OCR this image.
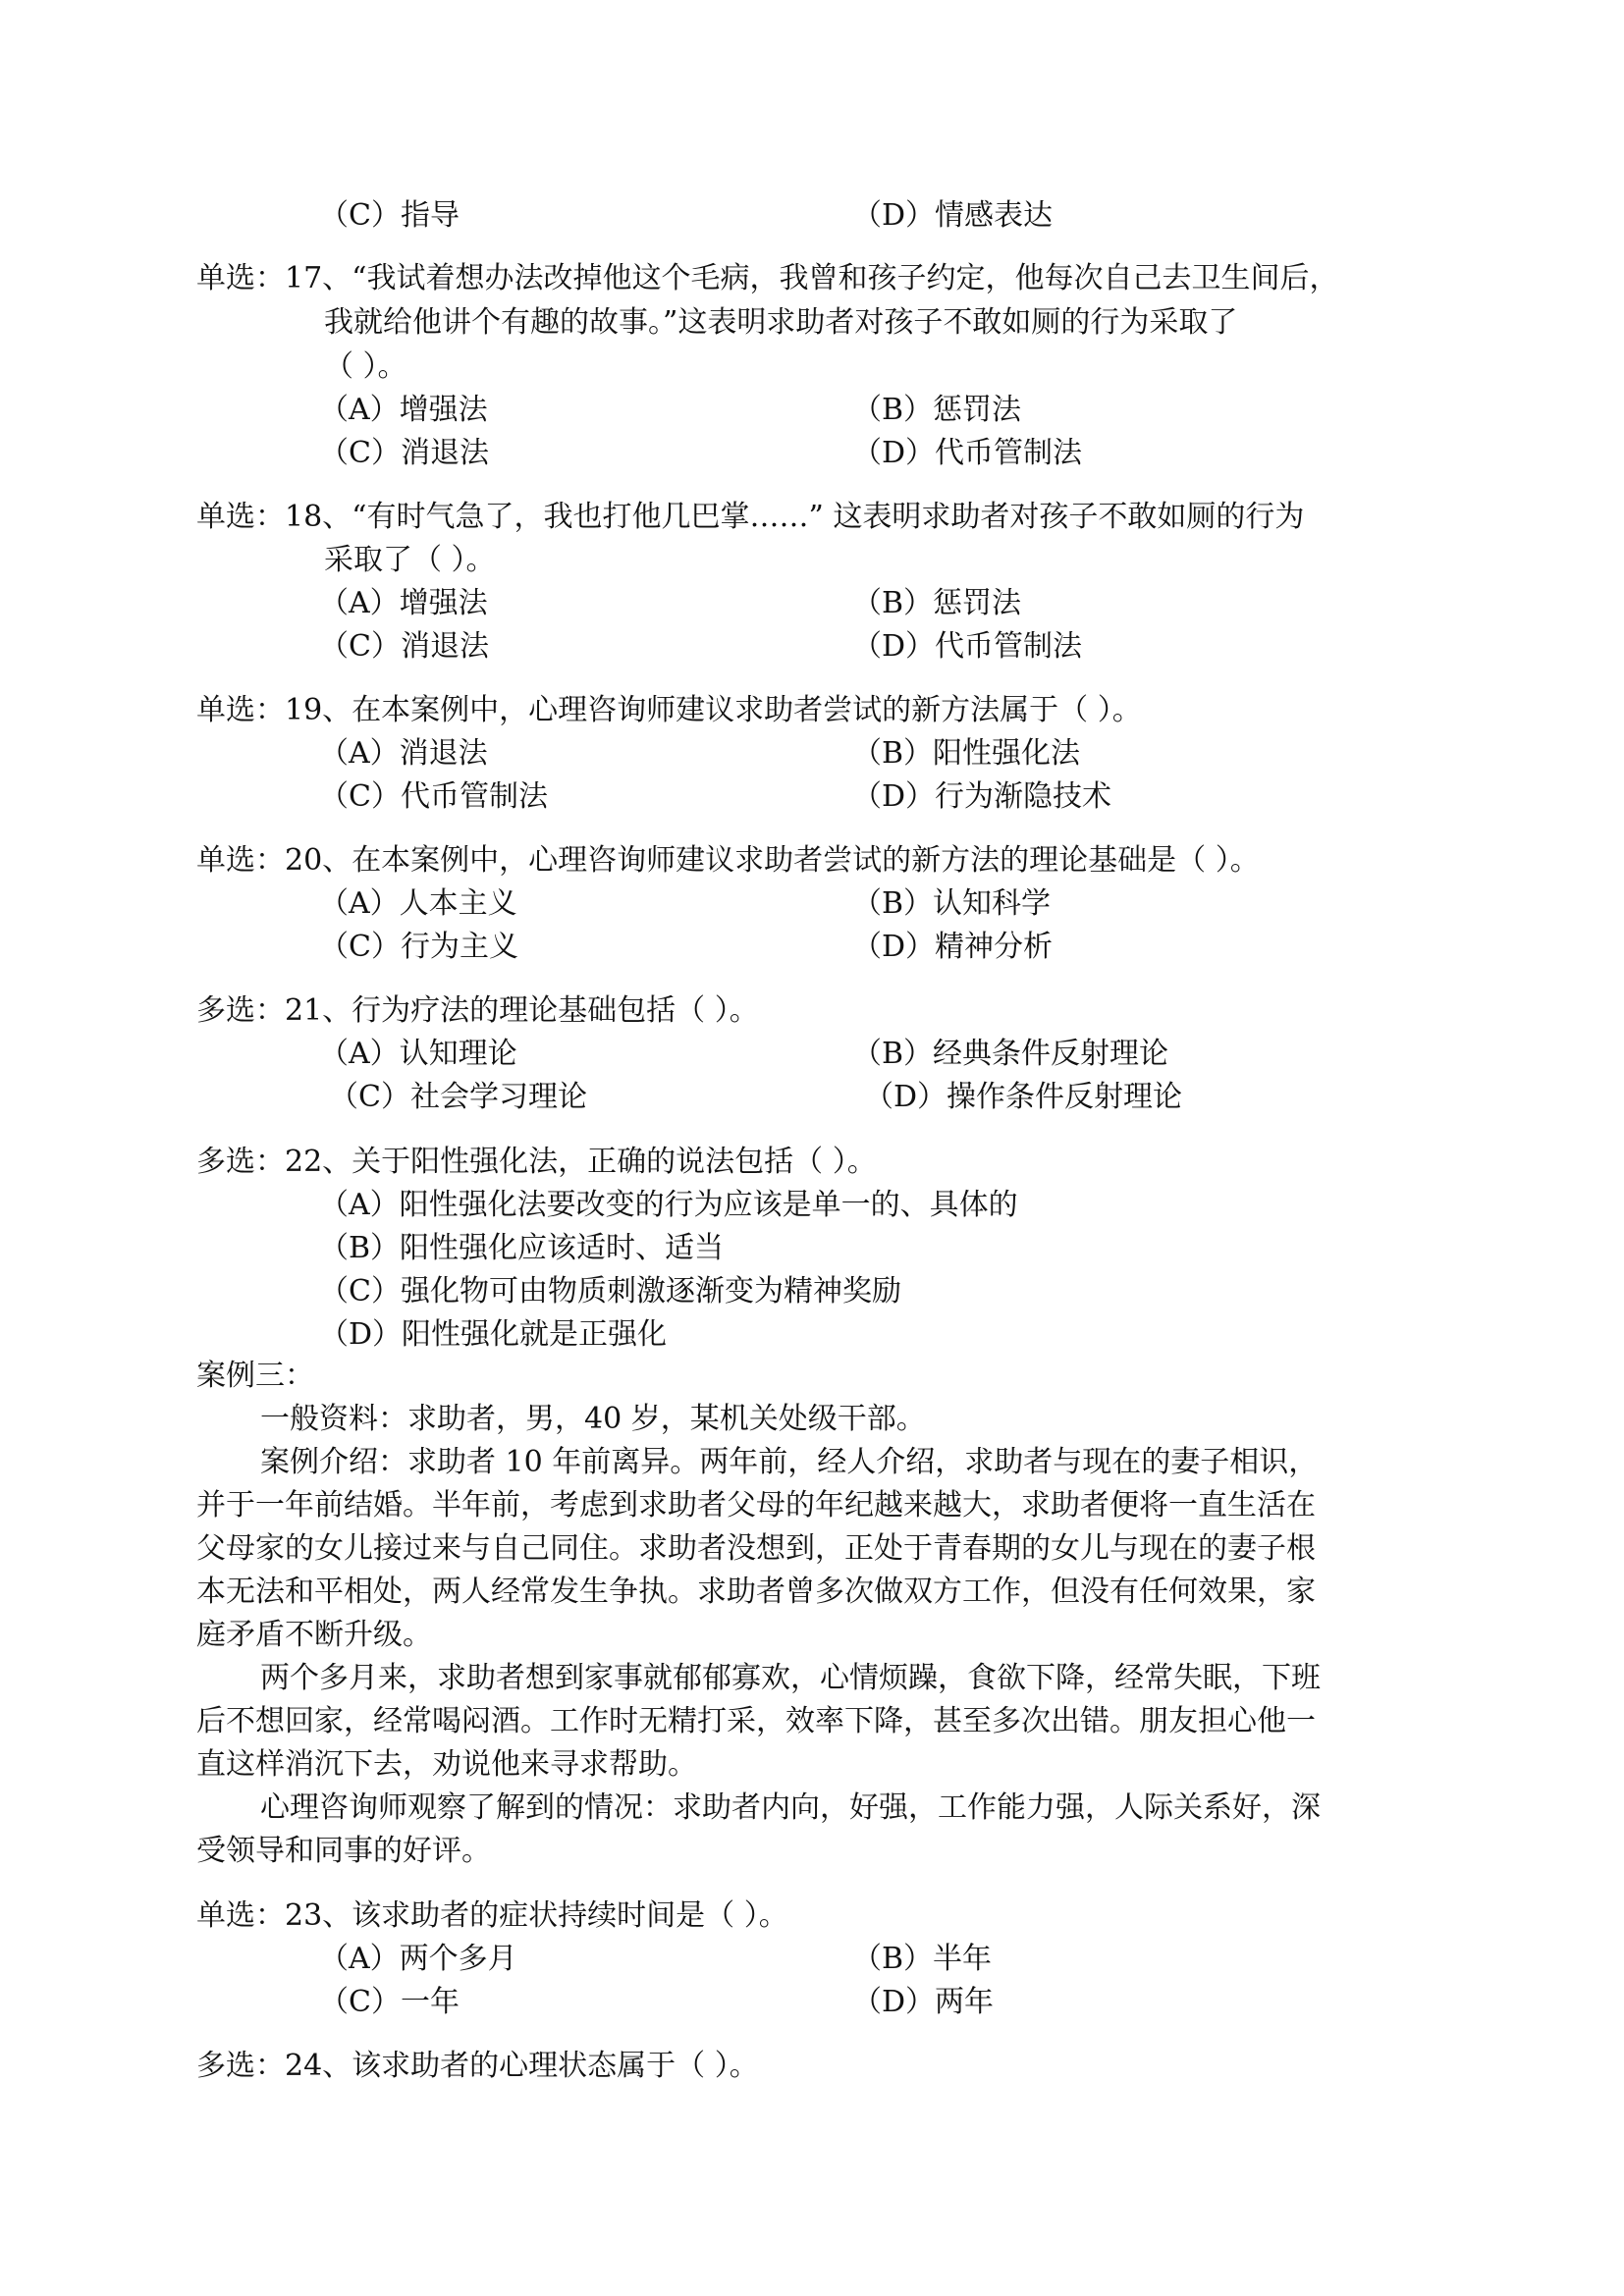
（C）指导	（D）情感表达
单选：17、“我试着想办法改掉他这个毛病，我曾和孩子约定，他每次自己去卫生间后，
我就给他讲个有趣的故事。”这表明求助者对孩子不敢如厕的行为采取了
（ ）。
（A）增强法	（B）惩罚法
（C）消退法	（D）代币管制法
单选：18、“有时气急了，我也打他几巴掌……” 这表明求助者对孩子不敢如厕的行为
采取了（ ）。
（A）增强法	（B）惩罚法
（C）消退法	（D）代币管制法
单选：19、在本案例中，心理咨询师建议求助者尝试的新方法属于（ ）。
（A）消退法	（B）阳性强化法
（C）代币管制法	（D）行为渐隐技术
单选：20、在本案例中，心理咨询师建议求助者尝试的新方法的理论基础是（ ）。
（A）人本主义	（B）认知科学
（C）行为主义	（D）精神分析
多选：21、行为疗法的理论基础包括（ ）。
（A）认知理论	（B）经典条件反射理论
（C）社会学习理论	（D）操作条件反射理论
多选：22、关于阳性强化法，正确的说法包括（ ）。
（A）阳性强化法要改变的行为应该是单一的、具体的
（B）阳性强化应该适时、适当
（C）强化物可由物质刺激逐渐变为精神奖励
（D）阳性强化就是正强化
案例三：
一般资料：求助者，男，40 岁，某机关处级干部。
案例介绍：求助者 10 年前离异。两年前，经人介绍，求助者与现在的妻子相识，
并于一年前结婚。半年前，考虑到求助者父母的年纪越来越大，求助者便将一直生活在
父母家的女儿接过来与自己同住。求助者没想到，正处于青春期的女儿与现在的妻子根
本无法和平相处，两人经常发生争执。求助者曾多次做双方工作，但没有任何效果，家
庭矛盾不断升级。
两个多月来，求助者想到家事就郁郁寡欢，心情烦躁，食欲下降，经常失眠，下班
后不想回家，经常喝闷酒。工作时无精打采，效率下降，甚至多次出错。朋友担心他一
直这样消沉下去，劝说他来寻求帮助。
心理咨询师观察了解到的情况：求助者内向，好强，工作能力强，人际关系好，深
受领导和同事的好评。
单选：23、该求助者的症状持续时间是（ ）。
（A）两个多月	（B）半年
（C）一年	（D）两年
多选：24、该求助者的心理状态属于（ ）。
